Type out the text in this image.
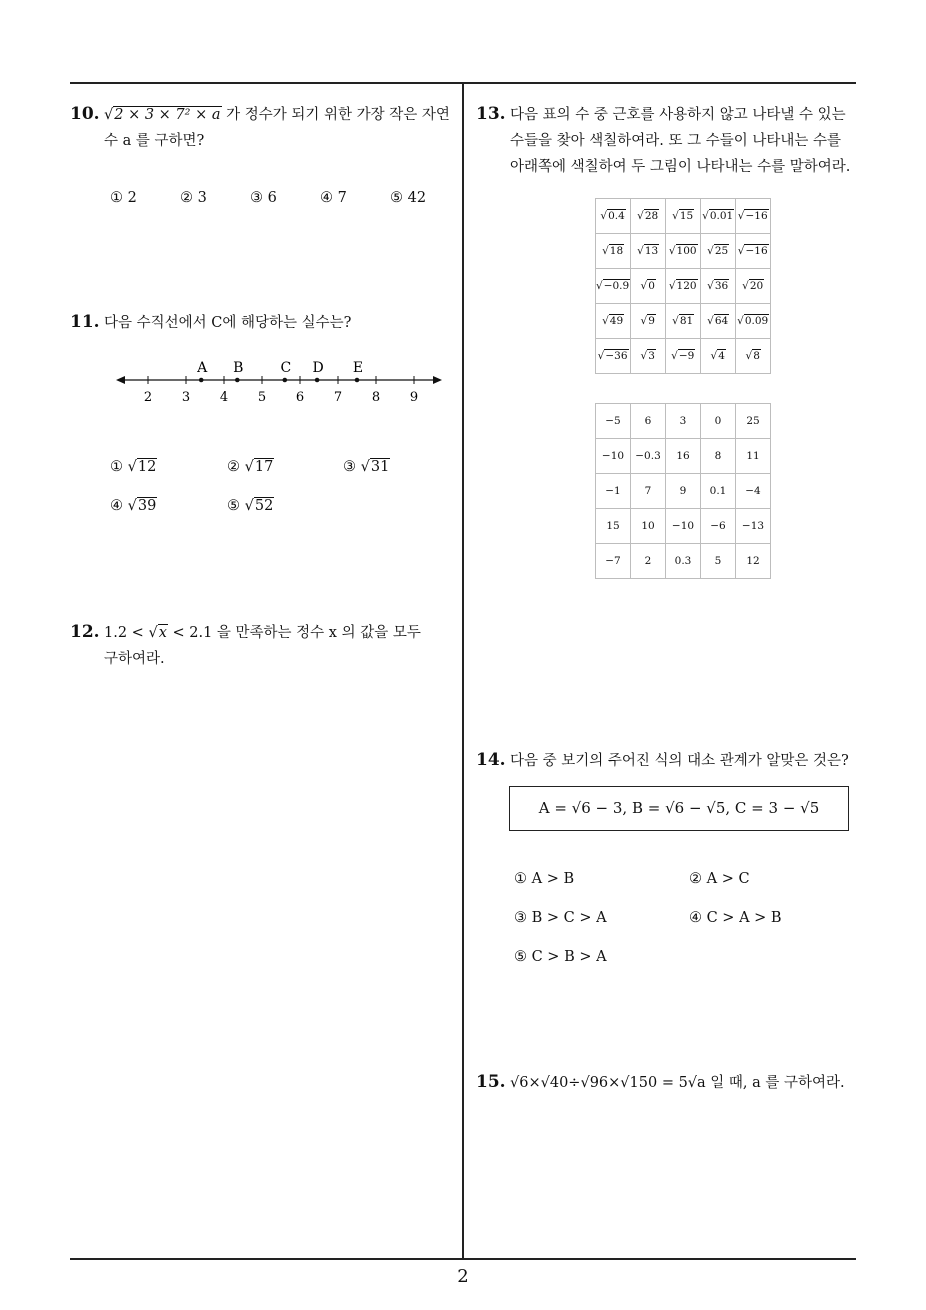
10. √2 × 3 × 7² × a 가 정수가 되기 위한 가장 작은 자연
수 a 를 구하면?
① 2	② 3	③ 6	④ 7	⑤ 42
11. 다음 수직선에서 C에 해당하는 실수는?
2 3 4 5 6 7 8 9
A B	C D E
① √12	② √17	③ √31
④ √39	⑤ √52
12. 1.2 < √x < 2.1 을 만족하는 정수 x 의 값을 모두
구하여라.
13. 다음 표의 수 중 근호를 사용하지 않고 나타낼 수 있는
수들을 찾아 색칠하여라. 또 그 수들이 나타내는 수를
아래쪽에 색칠하여 두 그림이 나타내는 수를 말하여라.
√0.4	√28	√15	√0.01	√−16
√18	√13	√100	√25	√−16
√−0.9	√0	√120	√36	√20
√49	√9	√81	√64	√0.09
√−36	√3	√−9	√4	√8
−5	6	3	0	25
−10	−0.3	16	8	11
−1	7	9	0.1	−4
15	10	−10	−6	−13
−7	2	0.3	5	12
14. 다음 중 보기의 주어진 식의 대소 관계가 알맞은 것은?
A = √6 − 3, B = √6 − √5, C = 3 − √5
① A > B	② A > C
③ B > C > A	④ C > A > B
⑤ C > B > A
15. √6×√40÷√96×√150 = 5√a 일 때, a 를 구하여라.
2
